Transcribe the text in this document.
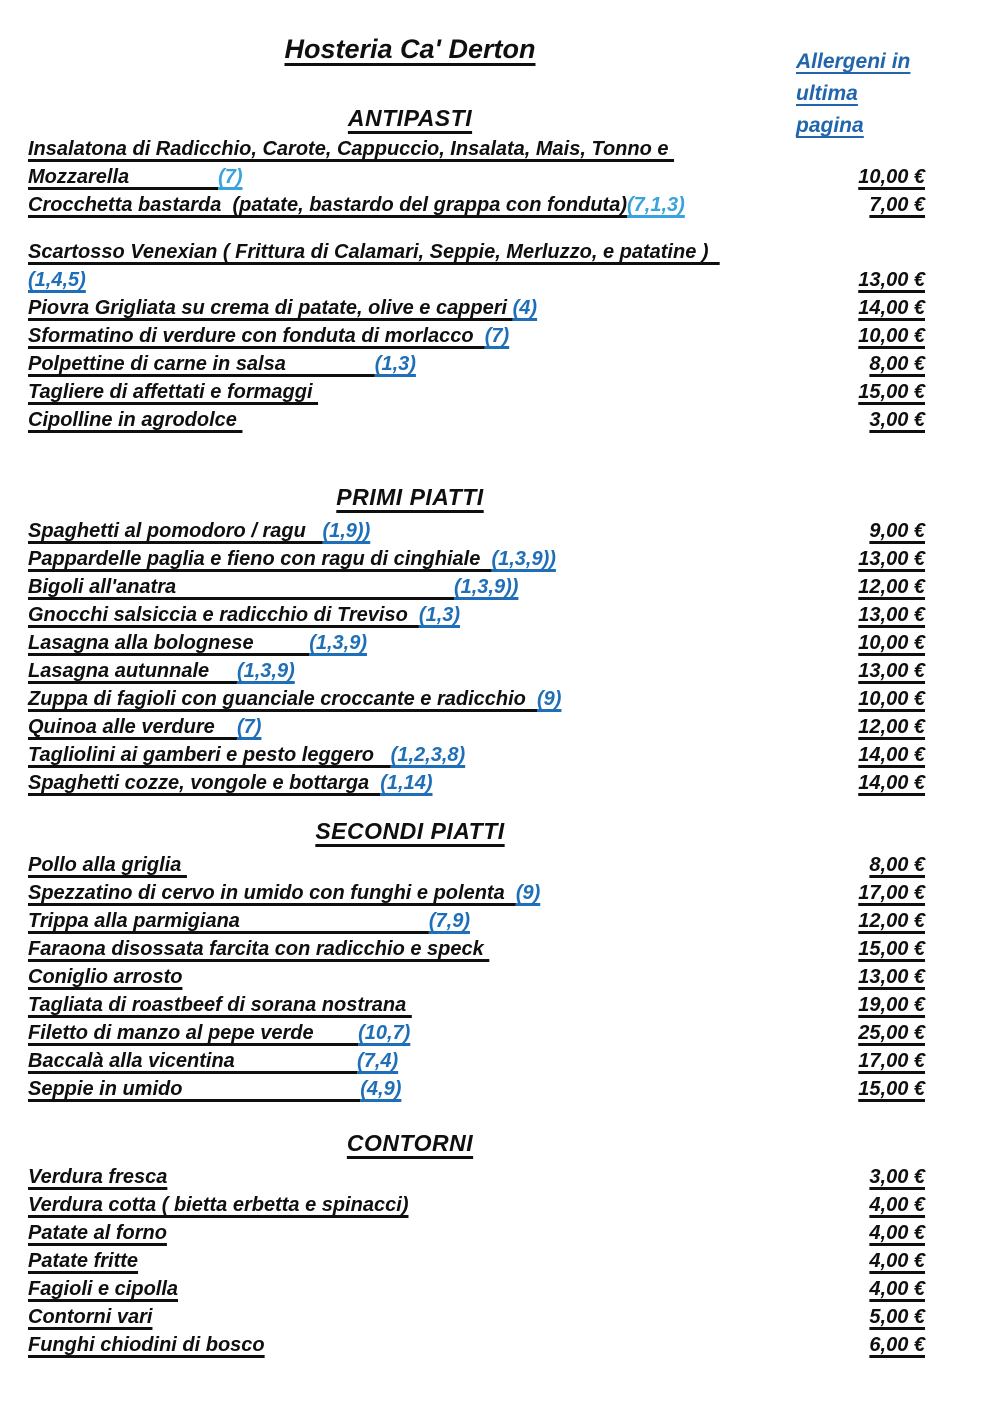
Hosteria Ca' Derton	Allergeni in
ultima
pagina
ANTIPASTI
Insalatona di Radicchio, Carote, Cappuccio, Insalata, Mais, Tonno e
Mozzarella (7)	10,00 €
Crocchetta bastarda  (patate, bastardo del grappa con fonduta) (7,1,3)	7,00 €
Scartosso Venexian ( Frittura di Calamari, Seppie, Merluzzo, e patatine )
(1,4,5)	13,00 €
Piovra Grigliata su crema di patate, olive e capperi (4)	14,00 €
Sformatino di verdure con fonduta di morlacco (7)	10,00 €
Polpettine di carne in salsa (1,3)	8,00 €
Tagliere di affettati e formaggi	15,00 €
Cipolline in agrodolce	3,00 €
PRIMI PIATTI
Spaghetti al pomodoro / ragu (1,9))	9,00 €
Pappardelle paglia e fieno con ragu di cinghiale (1,3,9))	13,00 €
Bigoli all'anatra (1,3,9))	12,00 €
Gnocchi salsiccia e radicchio di Treviso (1,3)	13,00 €
Lasagna alla bolognese (1,3,9)	10,00 €
Lasagna autunnale (1,3,9)	13,00 €
Zuppa di fagioli con guanciale croccante e radicchio (9)	10,00 €
Quinoa alle verdure (7)	12,00 €
Tagliolini ai gamberi e pesto leggero (1,2,3,8)	14,00 €
Spaghetti cozze, vongole e bottarga (1,14)	14,00 €
SECONDI PIATTI
Pollo alla griglia	8,00 €
Spezzatino di cervo in umido con funghi e polenta (9)	17,00 €
Trippa alla parmigiana (7,9)	12,00 €
Faraona disossata farcita con radicchio e speck	15,00 €
Coniglio arrosto	13,00 €
Tagliata di roastbeef di sorana nostrana	19,00 €
Filetto di manzo al pepe verde (10,7)	25,00 €
Baccalà alla vicentina (7,4)	17,00 €
Seppie in umido (4,9)	15,00 €
CONTORNI
Verdura fresca	3,00 €
Verdura cotta ( bietta erbetta e spinacci)	4,00 €
Patate al forno	4,00 €
Patate fritte	4,00 €
Fagioli e cipolla	4,00 €
Contorni vari	5,00 €
Funghi chiodini di bosco	6,00 €
